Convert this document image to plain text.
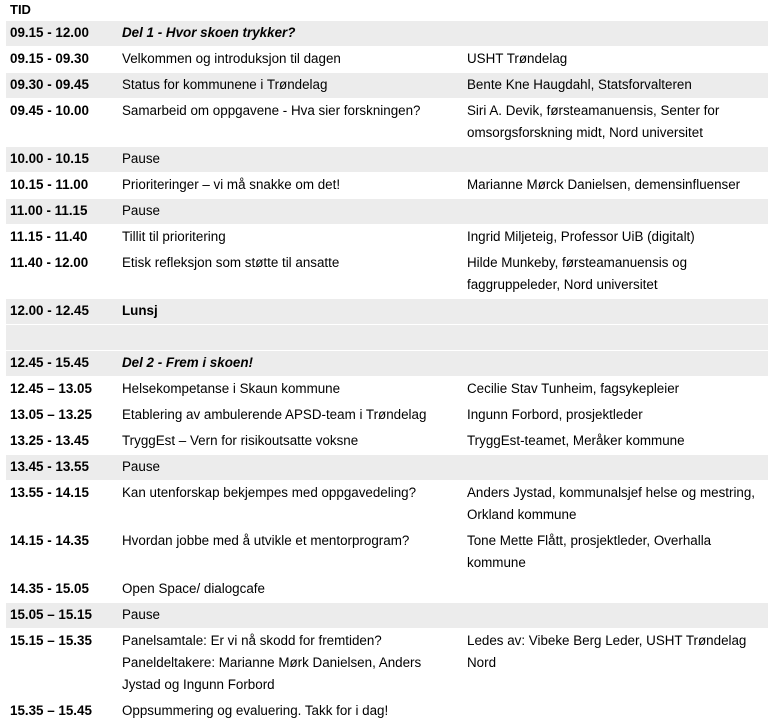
TID
09.15 - 12.00	Del 1 - Hvor skoen trykker?	
09.15 - 09.30	Velkommen og introduksjon til dagen	USHT Trøndelag
09.30 - 09.45	Status for kommunene i Trøndelag	Bente Kne Haugdahl, Statsforvalteren
09.45 - 10.00	Samarbeid om oppgavene - Hva sier forskningen?	Siri A. Devik, førsteamanuensis, Senter for omsorgsforskning midt, Nord universitet
10.00 - 10.15	Pause	
10.15 - 11.00	Prioriteringer – vi må snakke om det!	Marianne Mørck Danielsen, demensinfluenser
11.00 - 11.15	Pause	
11.15 - 11.40	Tillit til prioritering	Ingrid Miljeteig, Professor UiB (digitalt)
11.40 - 12.00	Etisk refleksjon som støtte til ansatte	Hilde Munkeby, førsteamanuensis og faggruppeleder, Nord universitet
12.00 - 12.45	Lunsj	

12.45 - 15.45	Del 2 - Frem i skoen!	
12.45 – 13.05	Helsekompetanse i Skaun kommune	Cecilie Stav Tunheim, fagsykepleier
13.05 – 13.25	Etablering av ambulerende APSD-team i Trøndelag	Ingunn Forbord, prosjektleder
13.25 - 13.45	TryggEst – Vern for risikoutsatte voksne	TryggEst-teamet, Meråker kommune
13.45 - 13.55	Pause	
13.55 - 14.15	Kan utenforskap bekjempes med oppgavedeling?	Anders Jystad, kommunalsjef helse og mestring, Orkland kommune
14.15 - 14.35	Hvordan jobbe med å utvikle et mentorprogram?	Tone Mette Flått, prosjektleder, Overhalla kommune
14.35 - 15.05	Open Space/ dialogcafe	
15.05 – 15.15	Pause	
15.15 – 15.35	Panelsamtale: Er vi nå skodd for fremtiden? Paneldeltakere: Marianne Mørk Danielsen, Anders Jystad og Ingunn Forbord	Ledes av: Vibeke Berg Leder, USHT Trøndelag Nord
15.35 – 15.45	Oppsummering og evaluering. Takk for i dag!	
